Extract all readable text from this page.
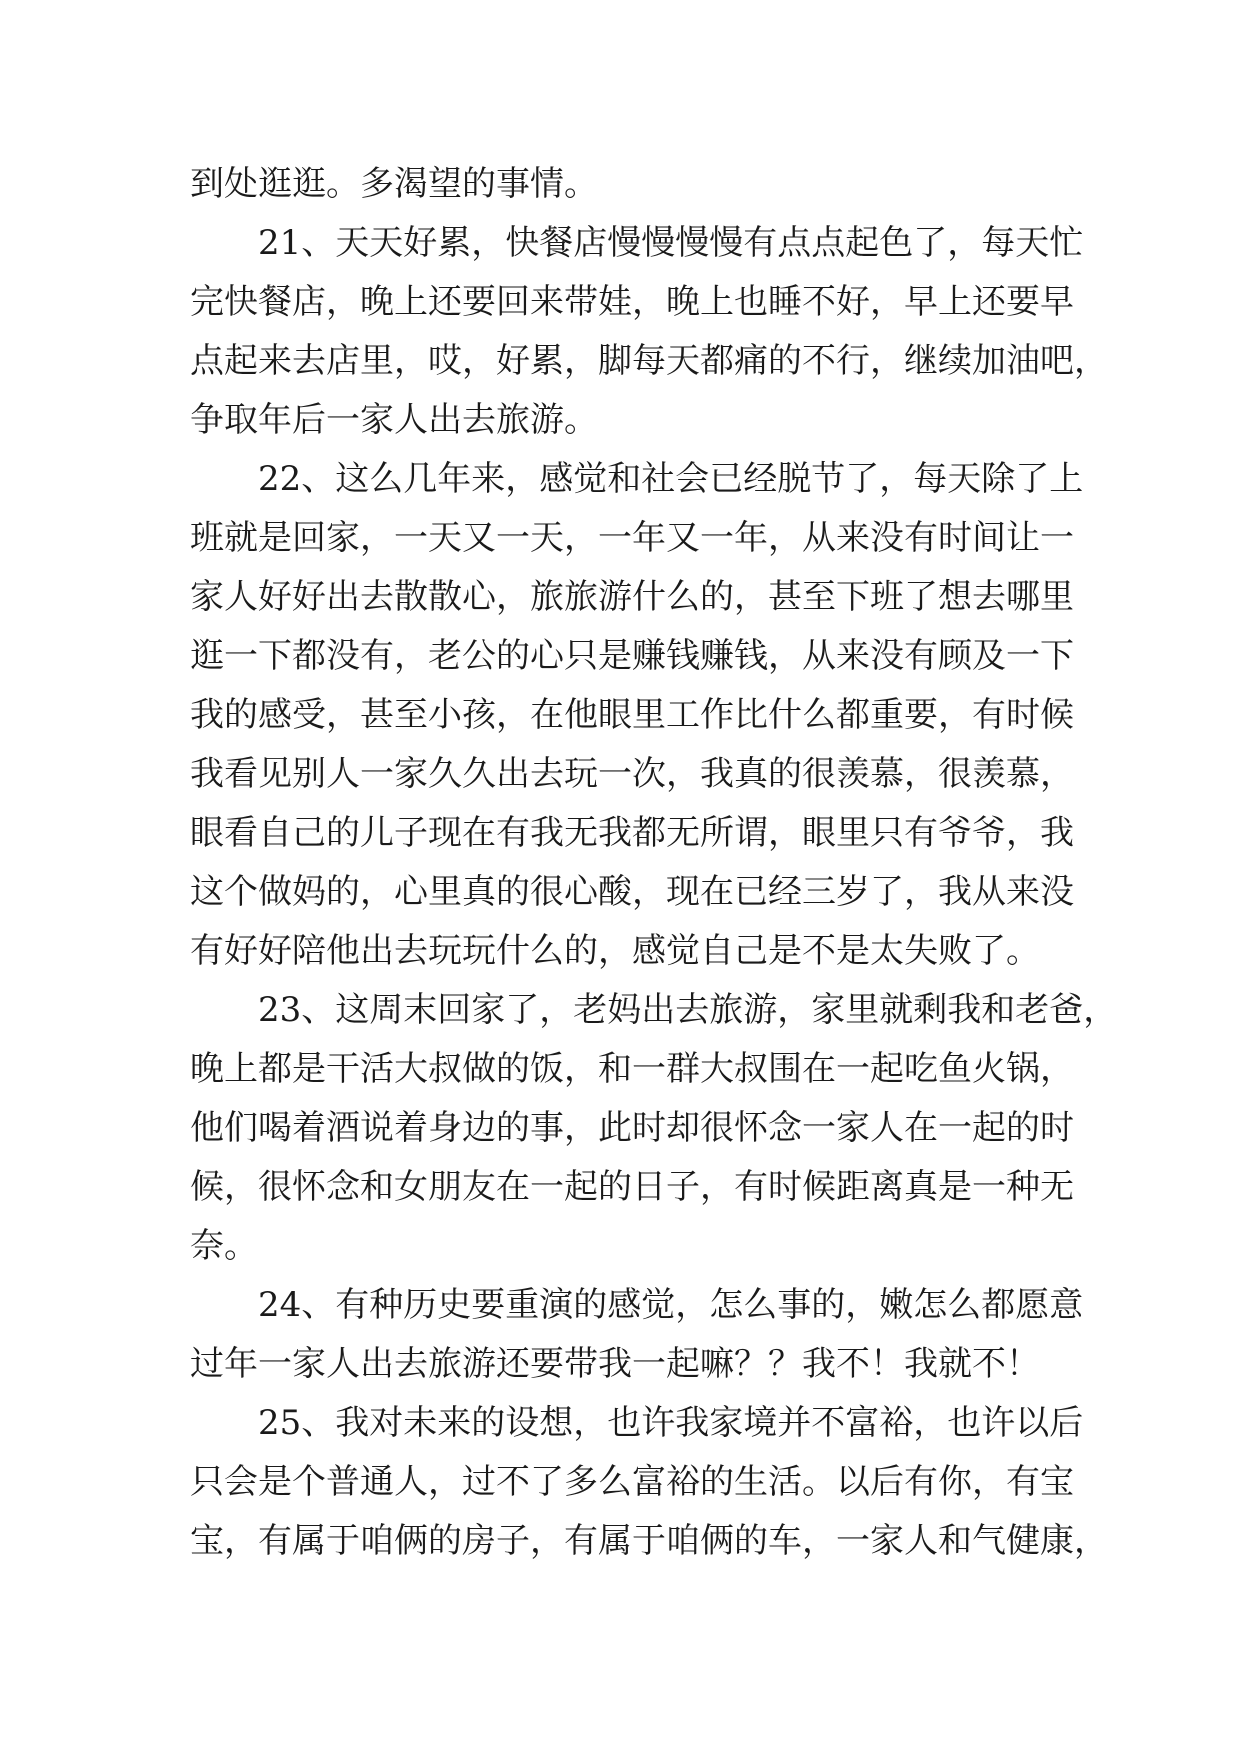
到处逛逛。多渴望的事情。
21、天天好累，快餐店慢慢慢慢有点点起色了，每天忙
完快餐店，晚上还要回来带娃，晚上也睡不好，早上还要早
点起来去店里，哎，好累，脚每天都痛的不行，继续加油吧，
争取年后一家人出去旅游。
22、这么几年来，感觉和社会已经脱节了，每天除了上
班就是回家，一天又一天，一年又一年，从来没有时间让一
家人好好出去散散心，旅旅游什么的，甚至下班了想去哪里
逛一下都没有，老公的心只是赚钱赚钱，从来没有顾及一下
我的感受，甚至小孩，在他眼里工作比什么都重要，有时候
我看见别人一家久久出去玩一次，我真的很羡慕，很羡慕，
眼看自己的儿子现在有我无我都无所谓，眼里只有爷爷，我
这个做妈的，心里真的很心酸，现在已经三岁了，我从来没
有好好陪他出去玩玩什么的，感觉自己是不是太失败了。
23、这周末回家了，老妈出去旅游，家里就剩我和老爸，
晚上都是干活大叔做的饭，和一群大叔围在一起吃鱼火锅，
他们喝着酒说着身边的事，此时却很怀念一家人在一起的时
候，很怀念和女朋友在一起的日子，有时候距离真是一种无
奈。
24、有种历史要重演的感觉，怎么事的，嫩怎么都愿意
过年一家人出去旅游还要带我一起嘛？？我不！我就不！
25、我对未来的设想，也许我家境并不富裕，也许以后
只会是个普通人，过不了多么富裕的生活。以后有你，有宝
宝，有属于咱俩的房子，有属于咱俩的车，一家人和气健康，
